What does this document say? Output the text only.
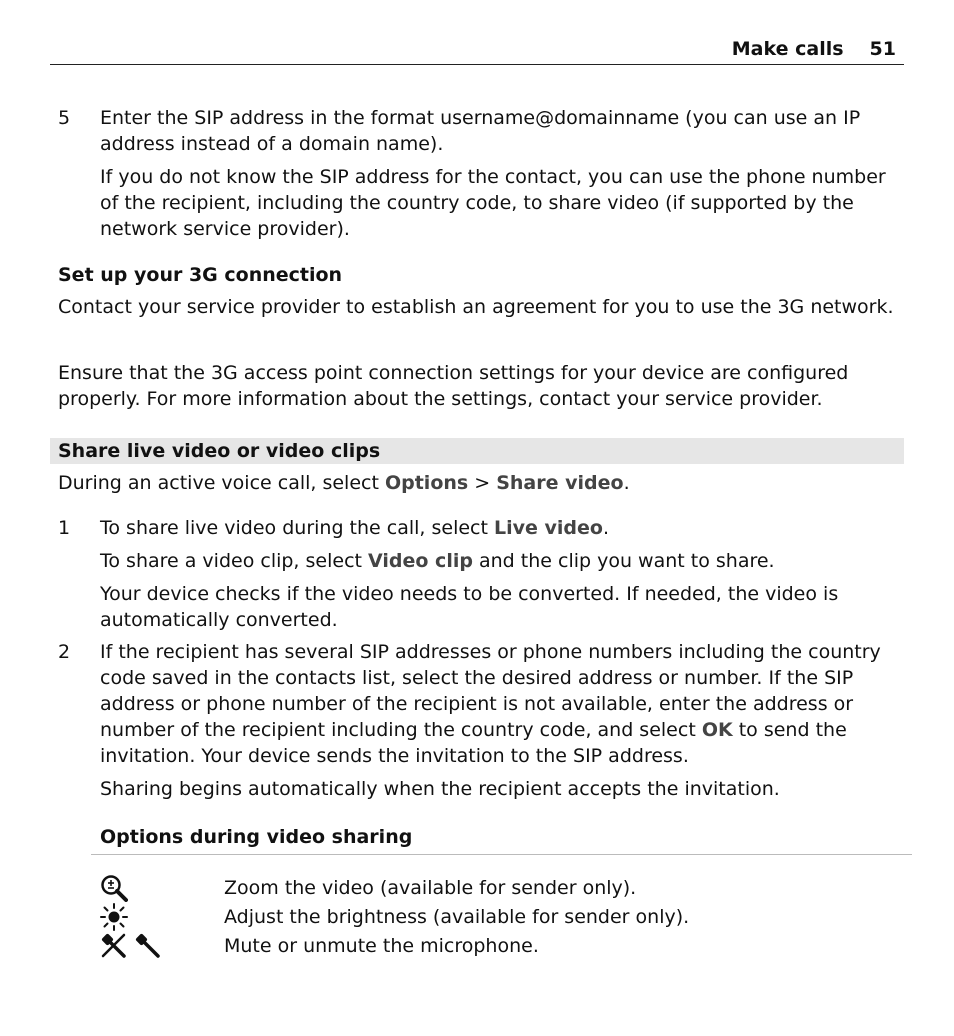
Make calls 51
5	Enter the SIP address in the format username@domainname (you can use an IP address instead of a domain name).

If you do not know the SIP address for the contact, you can use the phone number of the recipient, including the country code, to share video (if supported by the network service provider).

Set up your 3G connection

Contact your service provider to establish an agreement for you to use the 3G network.

Ensure that the 3G access point connection settings for your device are configured properly. For more information about the settings, contact your service provider.

Share live video or video clips

During an active voice call, select Options > Share video.

1	To share live video during the call, select Live video.

To share a video clip, select Video clip and the clip you want to share.

Your device checks if the video needs to be converted. If needed, the video is automatically converted.

2	If the recipient has several SIP addresses or phone numbers including the country code saved in the contacts list, select the desired address or number. If the SIP address or phone number of the recipient is not available, enter the address or number of the recipient including the country code, and select OK to send the invitation. Your device sends the invitation to the SIP address.

Sharing begins automatically when the recipient accepts the invitation.

Options during video sharing
Zoom the video (available for sender only).
Adjust the brightness (available for sender only).
Mute or unmute the microphone.
